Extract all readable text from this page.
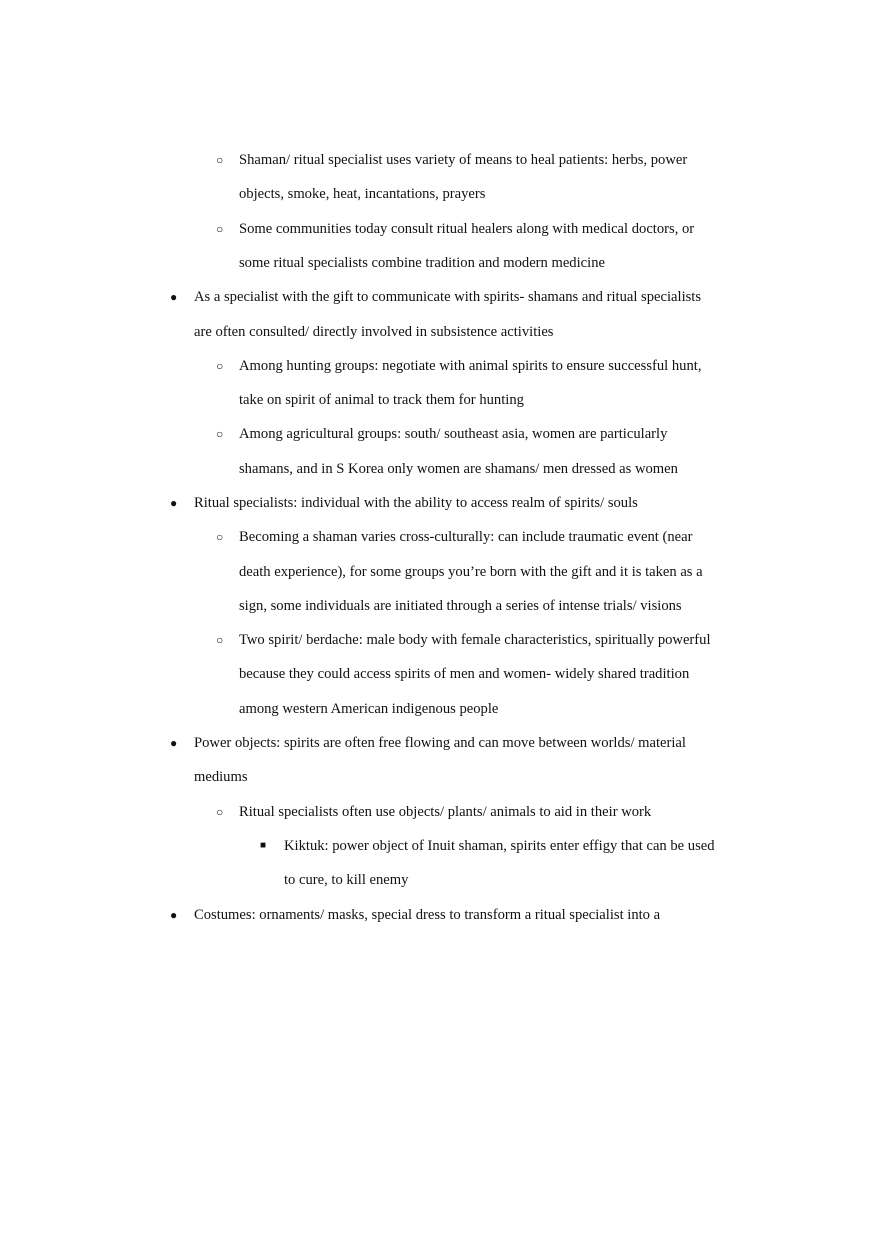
○ Shaman/ ritual specialist uses variety of means to heal patients: herbs, power
objects, smoke, heat, incantations, prayers
○ Some communities today consult ritual healers along with medical doctors, or
some ritual specialists combine tradition and modern medicine
● As a specialist with the gift to communicate with spirits- shamans and ritual specialists
are often consulted/ directly involved in subsistence activities
○ Among hunting groups: negotiate with animal spirits to ensure successful hunt,
take on spirit of animal to track them for hunting
○ Among agricultural groups: south/ southeast asia, women are particularly
shamans, and in S Korea only women are shamans/ men dressed as women
● Ritual specialists: individual with the ability to access realm of spirits/ souls
○ Becoming a shaman varies cross-culturally: can include traumatic event (near
death experience), for some groups you’re born with the gift and it is taken as a
sign, some individuals are initiated through a series of intense trials/ visions
○ Two spirit/ berdache: male body with female characteristics, spiritually powerful
because they could access spirits of men and women- widely shared tradition
among western American indigenous people
● Power objects: spirits are often free flowing and can move between worlds/ material
mediums
○ Ritual specialists often use objects/ plants/ animals to aid in their work
■ Kiktuk: power object of Inuit shaman, spirits enter effigy that can be used
to cure, to kill enemy
● Costumes: ornaments/ masks, special dress to transform a ritual specialist into a
